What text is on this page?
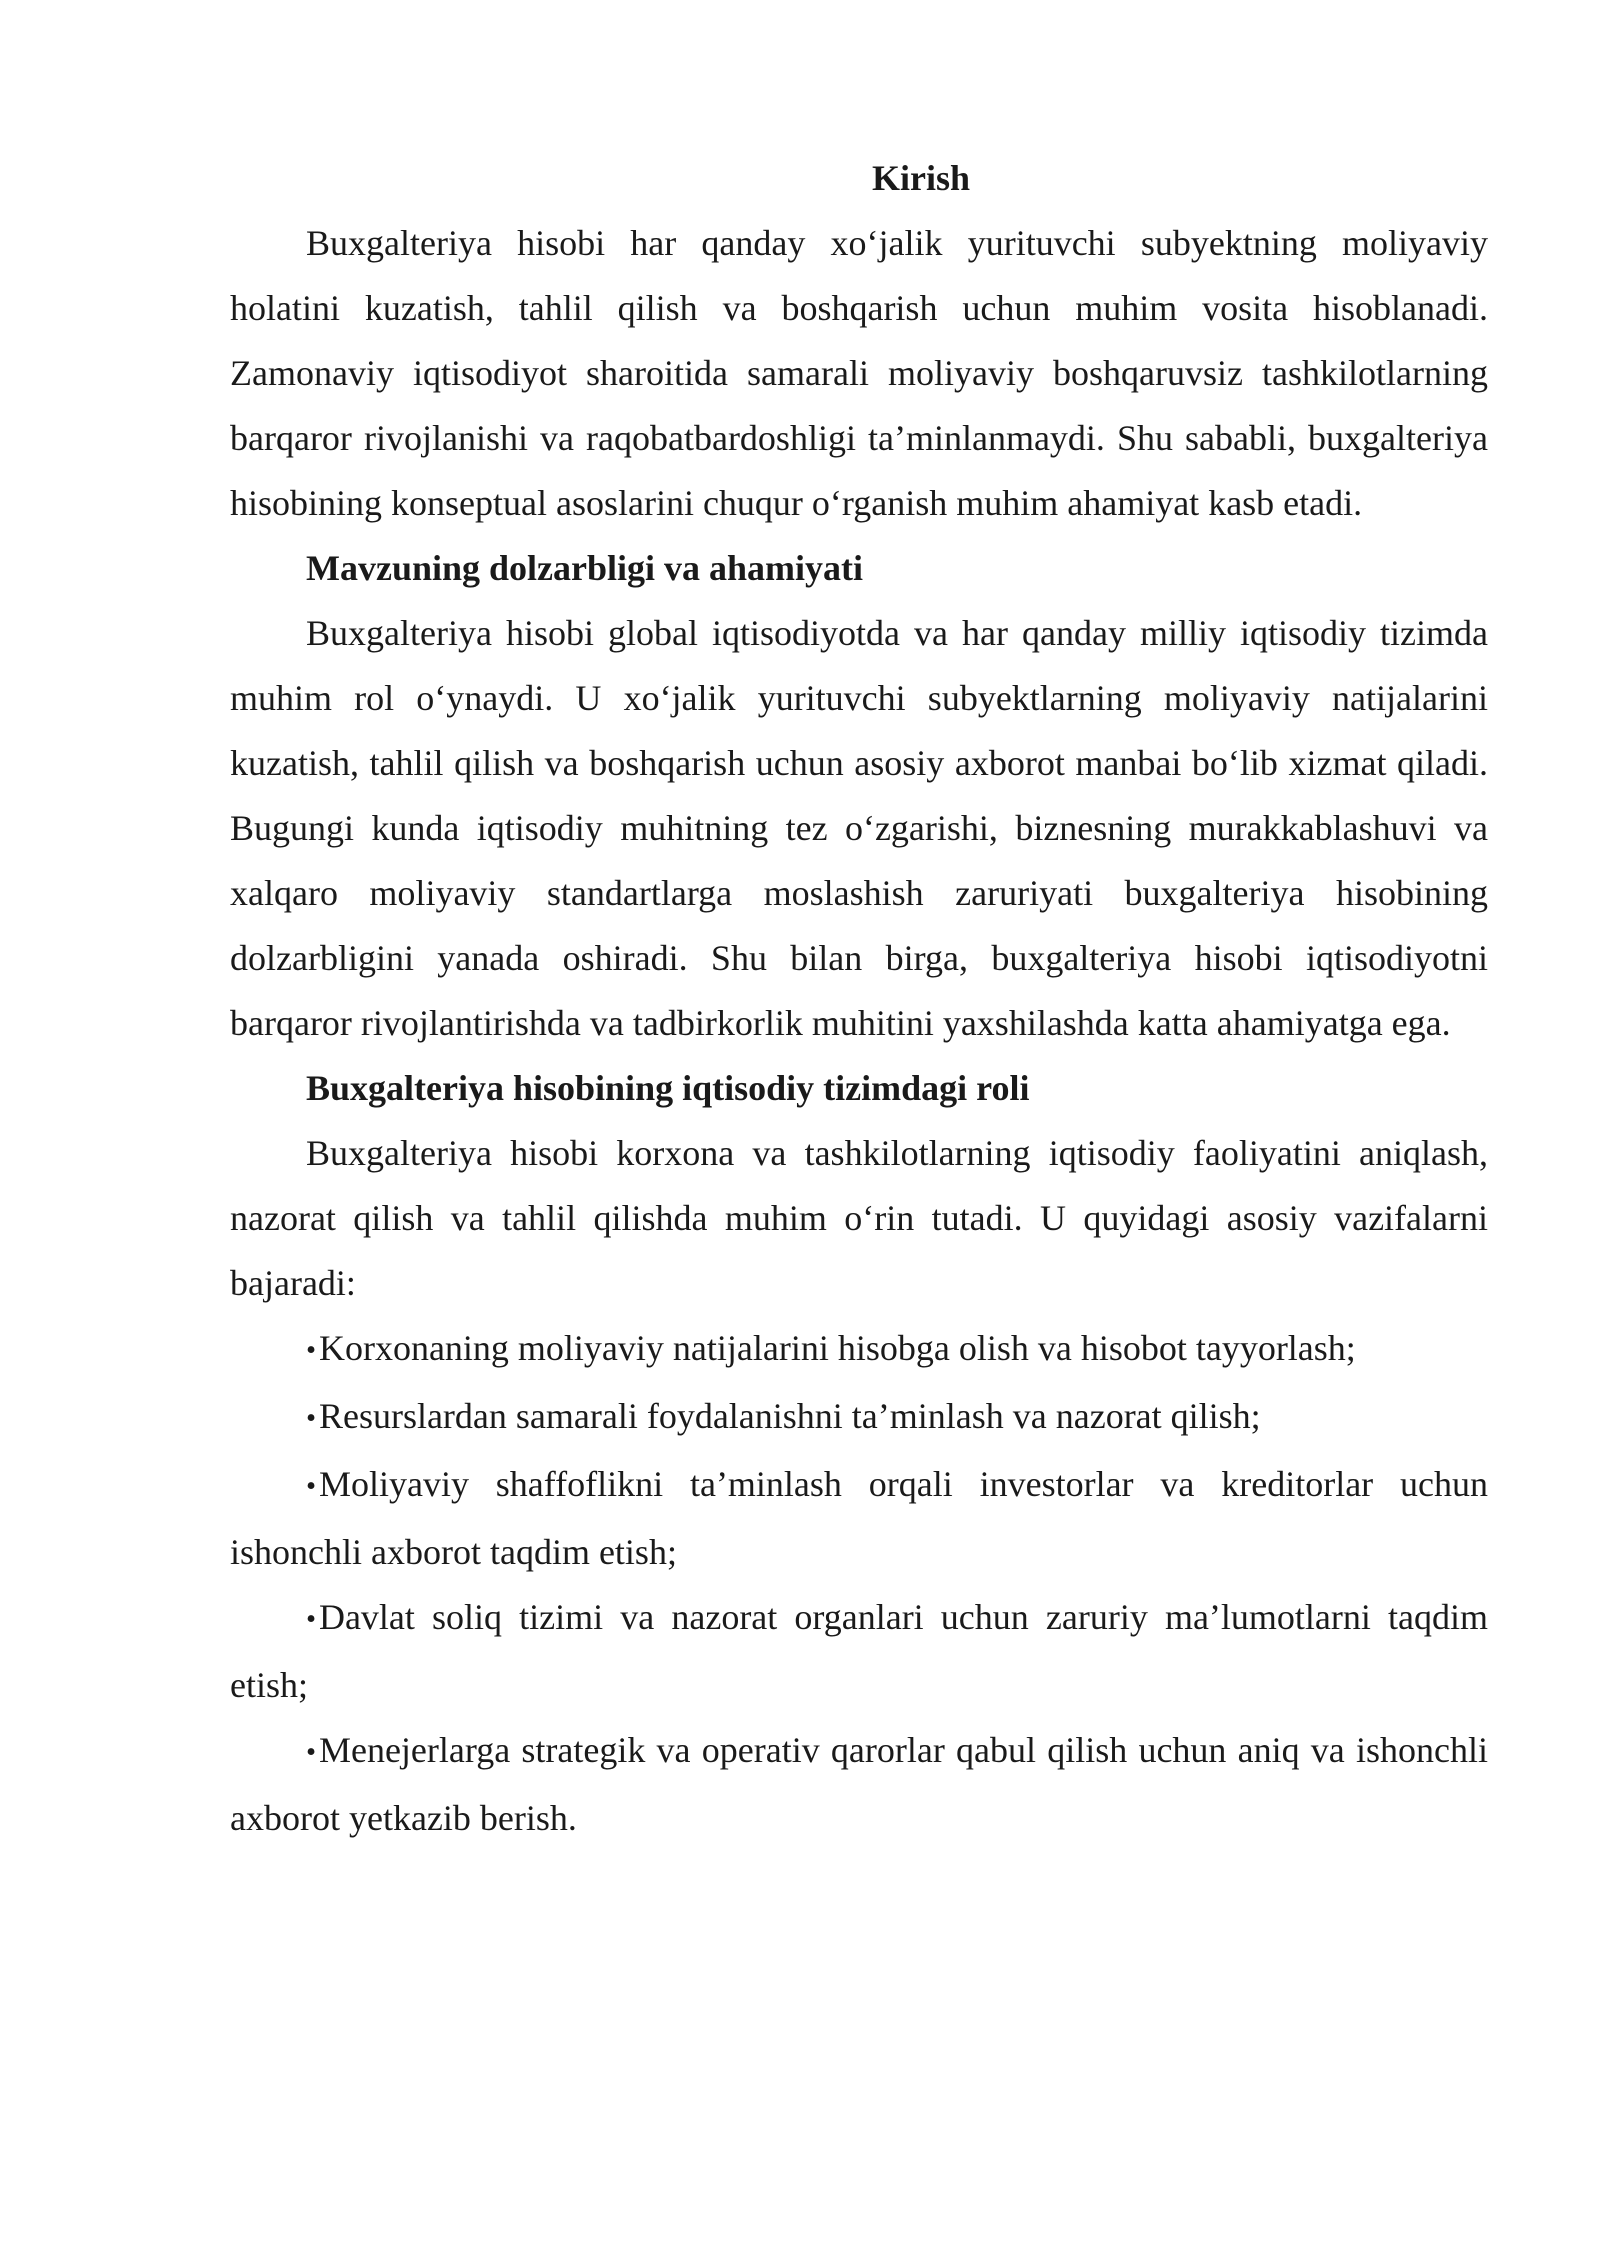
Kirish

Buxgalteriya hisobi har qanday xo‘jalik yurituvchi subyektning moliyaviy holatini kuzatish, tahlil qilish va boshqarish uchun muhim vosita hisoblanadi. Zamonaviy iqtisodiyot sharoitida samarali moliyaviy boshqaruvsiz tashkilotlarning barqaror rivojlanishi va raqobatbardoshligi ta’minlanmaydi. Shu sababli, buxgalteriya hisobining konseptual asoslarini chuqur o‘rganish muhim ahamiyat kasb etadi.

Mavzuning dolzarbligi va ahamiyati

Buxgalteriya hisobi global iqtisodiyotda va har qanday milliy iqtisodiy tizimda muhim rol o‘ynaydi. U xo‘jalik yurituvchi subyektlarning moliyaviy natijalarini kuzatish, tahlil qilish va boshqarish uchun asosiy axborot manbai bo‘lib xizmat qiladi. Bugungi kunda iqtisodiy muhitning tez o‘zgarishi, biznesning murakkablashuvi va xalqaro moliyaviy standartlarga moslashish zaruriyati buxgalteriya hisobining dolzarbligini yanada oshiradi. Shu bilan birga, buxgalteriya hisobi iqtisodiyotni barqaror rivojlantirishda va tadbirkorlik muhitini yaxshilashda katta ahamiyatga ega.

Buxgalteriya hisobining iqtisodiy tizimdagi roli

Buxgalteriya hisobi korxona va tashkilotlarning iqtisodiy faoliyatini aniqlash, nazorat qilish va tahlil qilishda muhim o‘rin tutadi. U quyidagi asosiy vazifalarni bajaradi:

•Korxonaning moliyaviy natijalarini hisobga olish va hisobot tayyorlash;
•Resurslardan samarali foydalanishni ta’minlash va nazorat qilish;
•Moliyaviy shaffoflikni ta’minlash orqali investorlar va kreditorlar uchun ishonchli axborot taqdim etish;
•Davlat soliq tizimi va nazorat organlari uchun zaruriy ma’lumotlarni taqdim etish;
•Menejerlarga strategik va operativ qarorlar qabul qilish uchun aniq va ishonchli axborot yetkazib berish.
